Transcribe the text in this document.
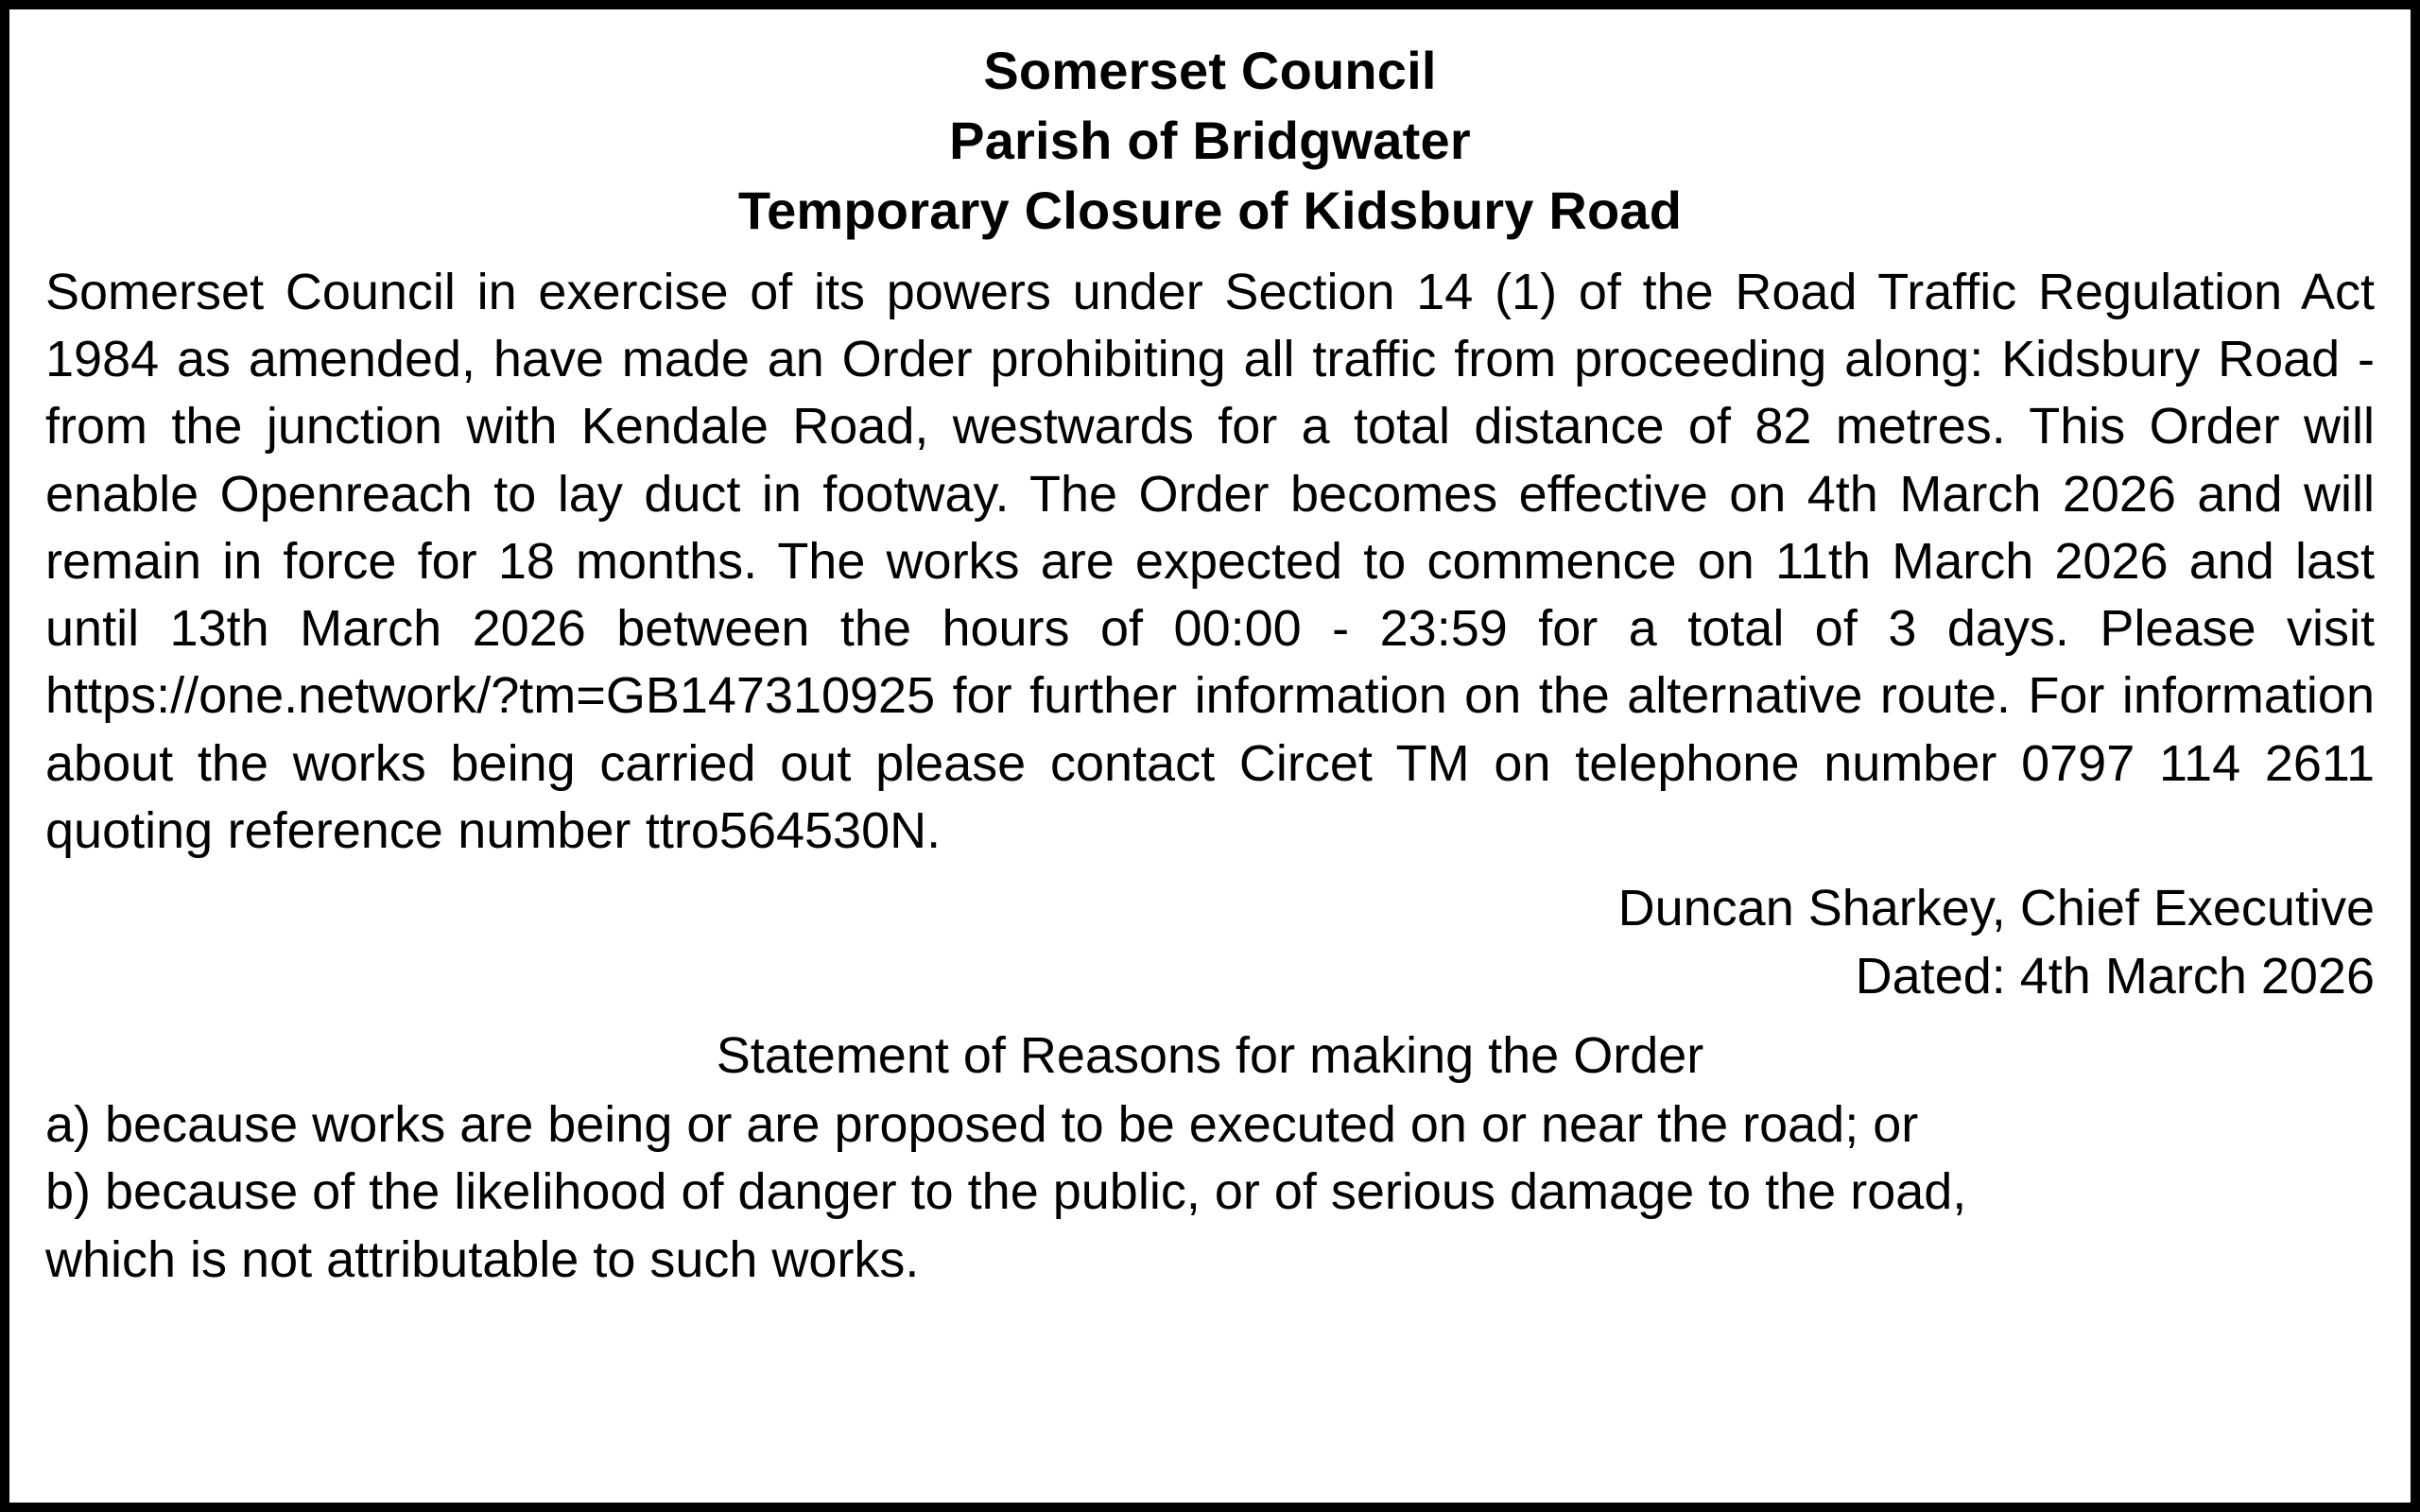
Somerset Council
Parish of Bridgwater
Temporary Closure of Kidsbury Road
Somerset Council in exercise of its powers under Section 14 (1) of the Road Traffic Regulation Act 1984 as amended, have made an Order prohibiting all traffic from proceeding along: Kidsbury Road - from the junction with Kendale Road, westwards for a total distance of 82 metres. This Order will enable Openreach to lay duct in footway. The Order becomes effective on 4th March 2026 and will remain in force for 18 months. The works are expected to commence on 11th March 2026 and last until 13th March 2026 between the hours of 00:00 - 23:59 for a total of 3 days. Please visit https://one.network/?tm=GB147310925 for further information on the alternative route. For information about the works being carried out please contact Circet TM on telephone number 0797 114 2611 quoting reference number ttro564530N.
Duncan Sharkey, Chief Executive
Dated: 4th March 2026
Statement of Reasons for making the Order
a) because works are being or are proposed to be executed on or near the road; or
b) because of the likelihood of danger to the public, or of serious damage to the road,
which is not attributable to such works.
